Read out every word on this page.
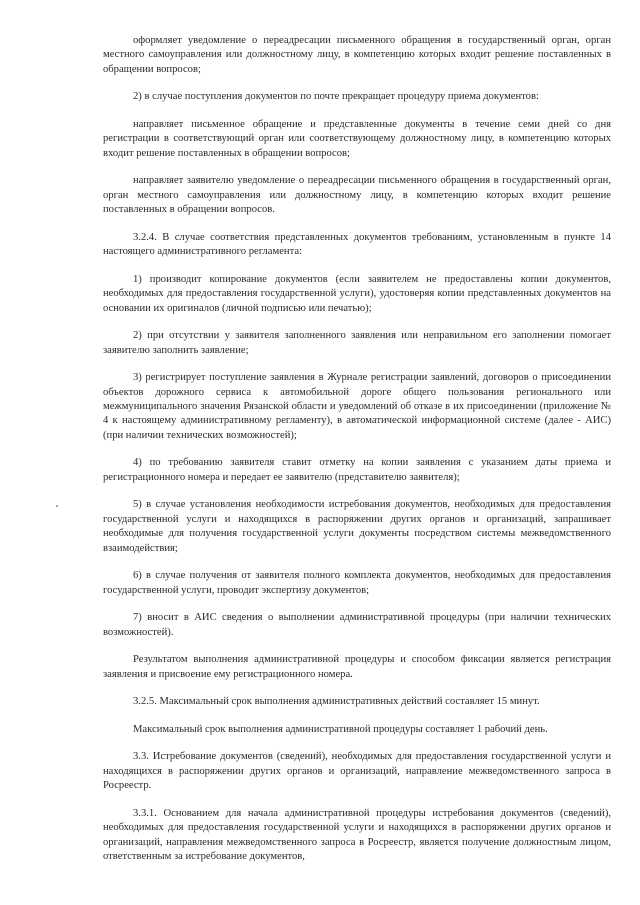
оформляет уведомление о переадресации письменного обращения в государственный орган, орган местного самоуправления или должностному лицу, в компетенцию которых входит решение поставленных в обращении вопросов;

2) в случае поступления документов по почте прекращает процедуру приема документов:

направляет письменное обращение и представленные документы в течение семи дней со дня регистрации в соответствующий орган или соответствующему должностному лицу, в компетенцию которых входит решение поставленных в обращении вопросов;

направляет заявителю уведомление о переадресации письменного обращения в государственный орган, орган местного самоуправления или должностному лицу, в компетенцию которых входит решение поставленных в обращении вопросов.

3.2.4. В случае соответствия представленных документов требованиям, установленным в пункте 14 настоящего административного регламента:

1) производит копирование документов (если заявителем не предоставлены копии документов, необходимых для предоставления государственной услуги), удостоверяя копии представленных документов на основании их оригиналов (личной подписью или печатью);

2) при отсутствии у заявителя заполненного заявления или неправильном его заполнении помогает заявителю заполнить заявление;

3) регистрирует поступление заявления в Журнале регистрации заявлений, договоров о присоединении объектов дорожного сервиса к автомобильной дороге общего пользования регионального или межмуниципального значения Рязанской области и уведомлений об отказе в их присоединении (приложение № 4 к настоящему административному регламенту), в автоматической информационной системе (далее - АИС) (при наличии технических возможностей);

4) по требованию заявителя ставит отметку на копии заявления с указанием даты приема и регистрационного номера и передает ее заявителю (представителю заявителя);

5) в случае установления необходимости истребования документов, необходимых для предоставления государственной услуги и находящихся в распоряжении других органов и организаций, запрашивает необходимые для получения государственной услуги документы посредством системы межведомственного взаимодействия;

6) в случае получения от заявителя полного комплекта документов, необходимых для предоставления государственной услуги, проводит экспертизу документов;

7) вносит в АИС сведения о выполнении административной процедуры (при наличии технических возможностей).

Результатом выполнения административной процедуры и способом фиксации является регистрация заявления и присвоение ему регистрационного номера.

3.2.5. Максимальный срок выполнения административных действий составляет 15 минут.

Максимальный срок выполнения административной процедуры составляет 1 рабочий день.

3.3. Истребование документов (сведений), необходимых для предоставления государственной услуги и находящихся в распоряжении других органов и организаций, направление межведомственного запроса в Росреестр.

3.3.1. Основанием для начала административной процедуры истребования документов (сведений), необходимых для предоставления государственной услуги и находящихся в распоряжении других органов и организаций, направления межведомственного запроса в Росреестр, является получение должностным лицом, ответственным за истребование документов,
